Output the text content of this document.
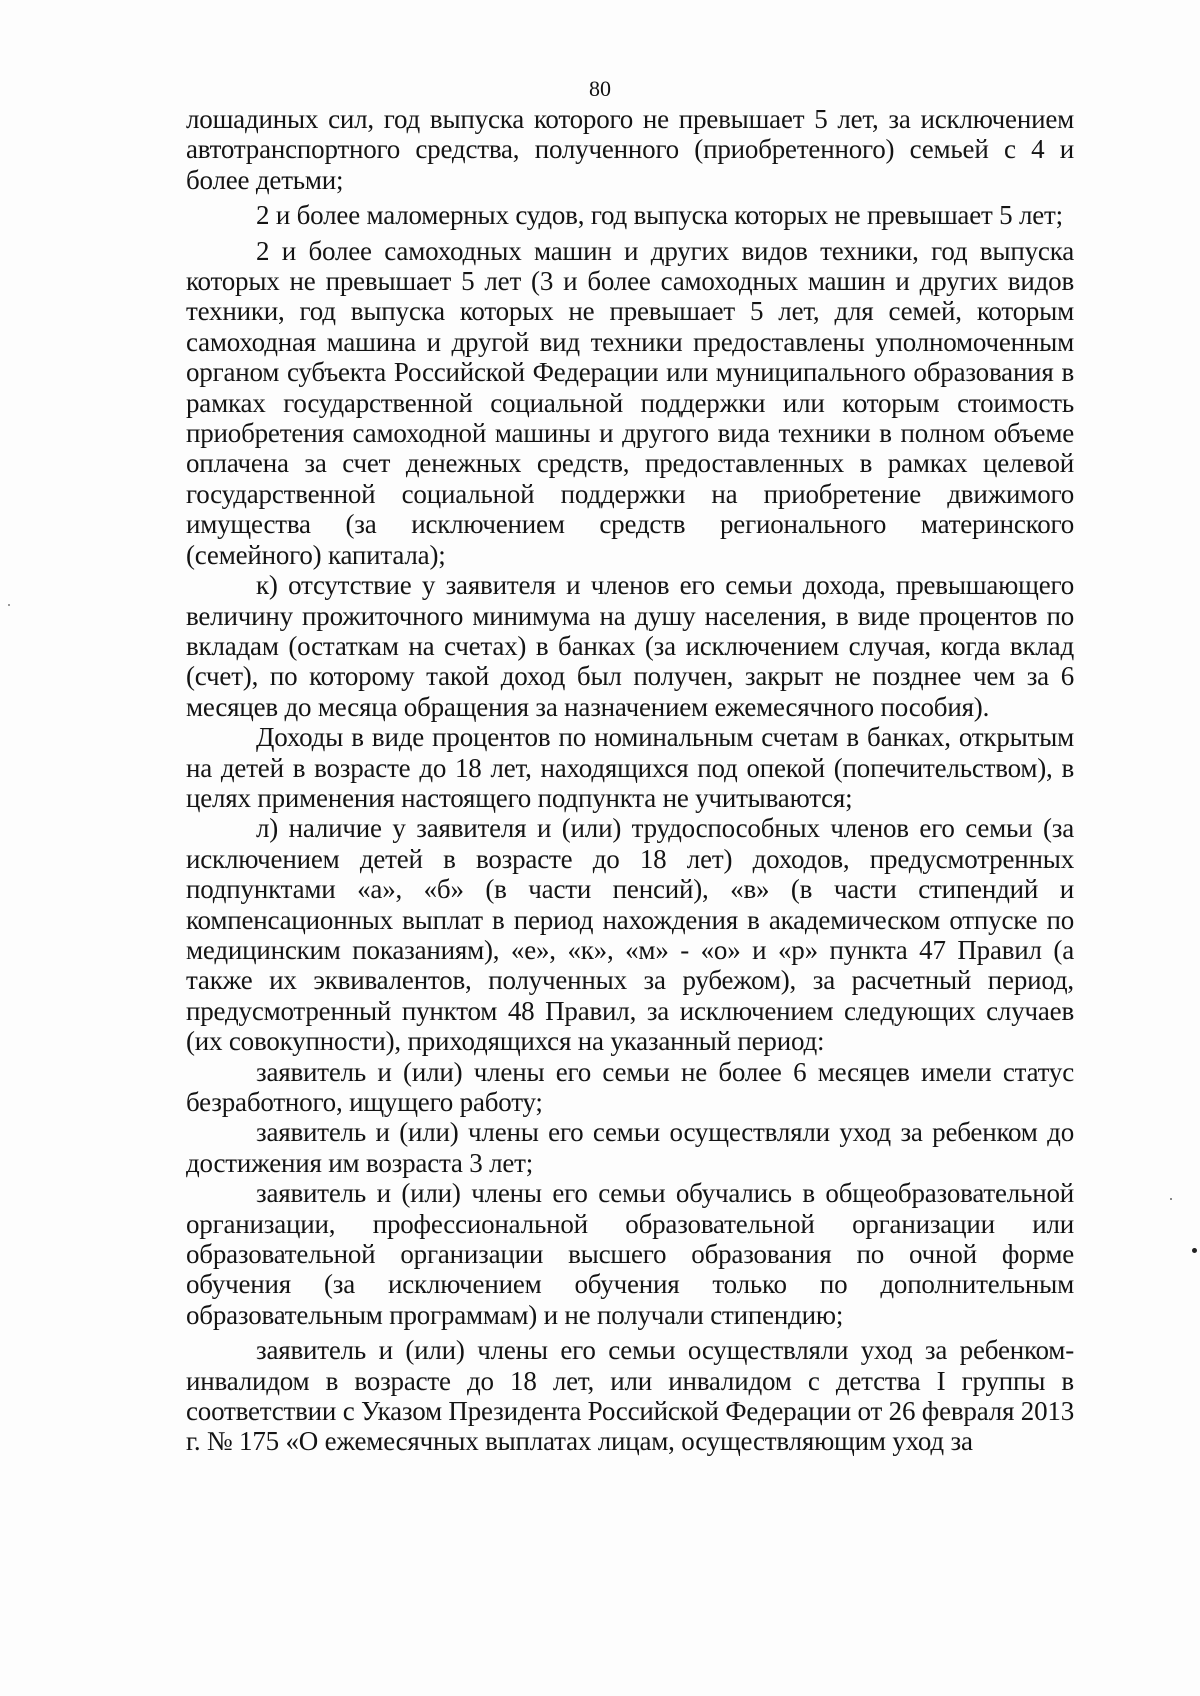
80

лошадиных сил, год выпуска которого не превышает 5 лет, за исключением автотранспортного средства, полученного (приобретенного) семьей с 4 и более детьми;

2 и более маломерных судов, год выпуска которых не превышает 5 лет;

2 и более самоходных машин и других видов техники, год выпуска которых не превышает 5 лет (3 и более самоходных машин и других видов техники, год выпуска которых не превышает 5 лет, для семей, которым самоходная машина и другой вид техники предоставлены уполномоченным органом субъекта Российской Федерации или муниципального образования в рамках государственной социальной поддержки или которым стоимость приобретения самоходной машины и другого вида техники в полном объеме оплачена за счет денежных средств, предоставленных в рамках целевой государственной социальной поддержки на приобретение движимого имущества (за исключением средств регионального материнского (семейного) капитала);

к) отсутствие у заявителя и членов его семьи дохода, превышающего величину прожиточного минимума на душу населения, в виде процентов по вкладам (остаткам на счетах) в банках (за исключением случая, когда вклад (счет), по которому такой доход был получен, закрыт не позднее чем за 6 месяцев до месяца обращения за назначением ежемесячного пособия).

Доходы в виде процентов по номинальным счетам в банках, открытым на детей в возрасте до 18 лет, находящихся под опекой (попечительством), в целях применения настоящего подпункта не учитываются;

л) наличие у заявителя и (или) трудоспособных членов его семьи (за исключением детей в возрасте до 18 лет) доходов, предусмотренных подпунктами «а», «б» (в части пенсий), «в» (в части стипендий и компенсационных выплат в период нахождения в академическом отпуске по медицинским показаниям), «е», «к», «м» - «о» и «р» пункта 47 Правил (а также их эквивалентов, полученных за рубежом), за расчетный период, предусмотренный пунктом 48 Правил, за исключением следующих случаев (их совокупности), приходящихся на указанный период:

заявитель и (или) члены его семьи не более 6 месяцев имели статус безработного, ищущего работу;

заявитель и (или) члены его семьи осуществляли уход за ребенком до достижения им возраста 3 лет;

заявитель и (или) члены его семьи обучались в общеобразовательной организации, профессиональной образовательной организации или образовательной организации высшего образования по очной форме обучения (за исключением обучения только по дополнительным образовательным программам) и не получали стипендию;

заявитель и (или) члены его семьи осуществляли уход за ребенком-инвалидом в возрасте до 18 лет, или инвалидом с детства I группы в соответствии с Указом Президента Российской Федерации от 26 февраля 2013 г. № 175 «О ежемесячных выплатах лицам, осуществляющим уход за
